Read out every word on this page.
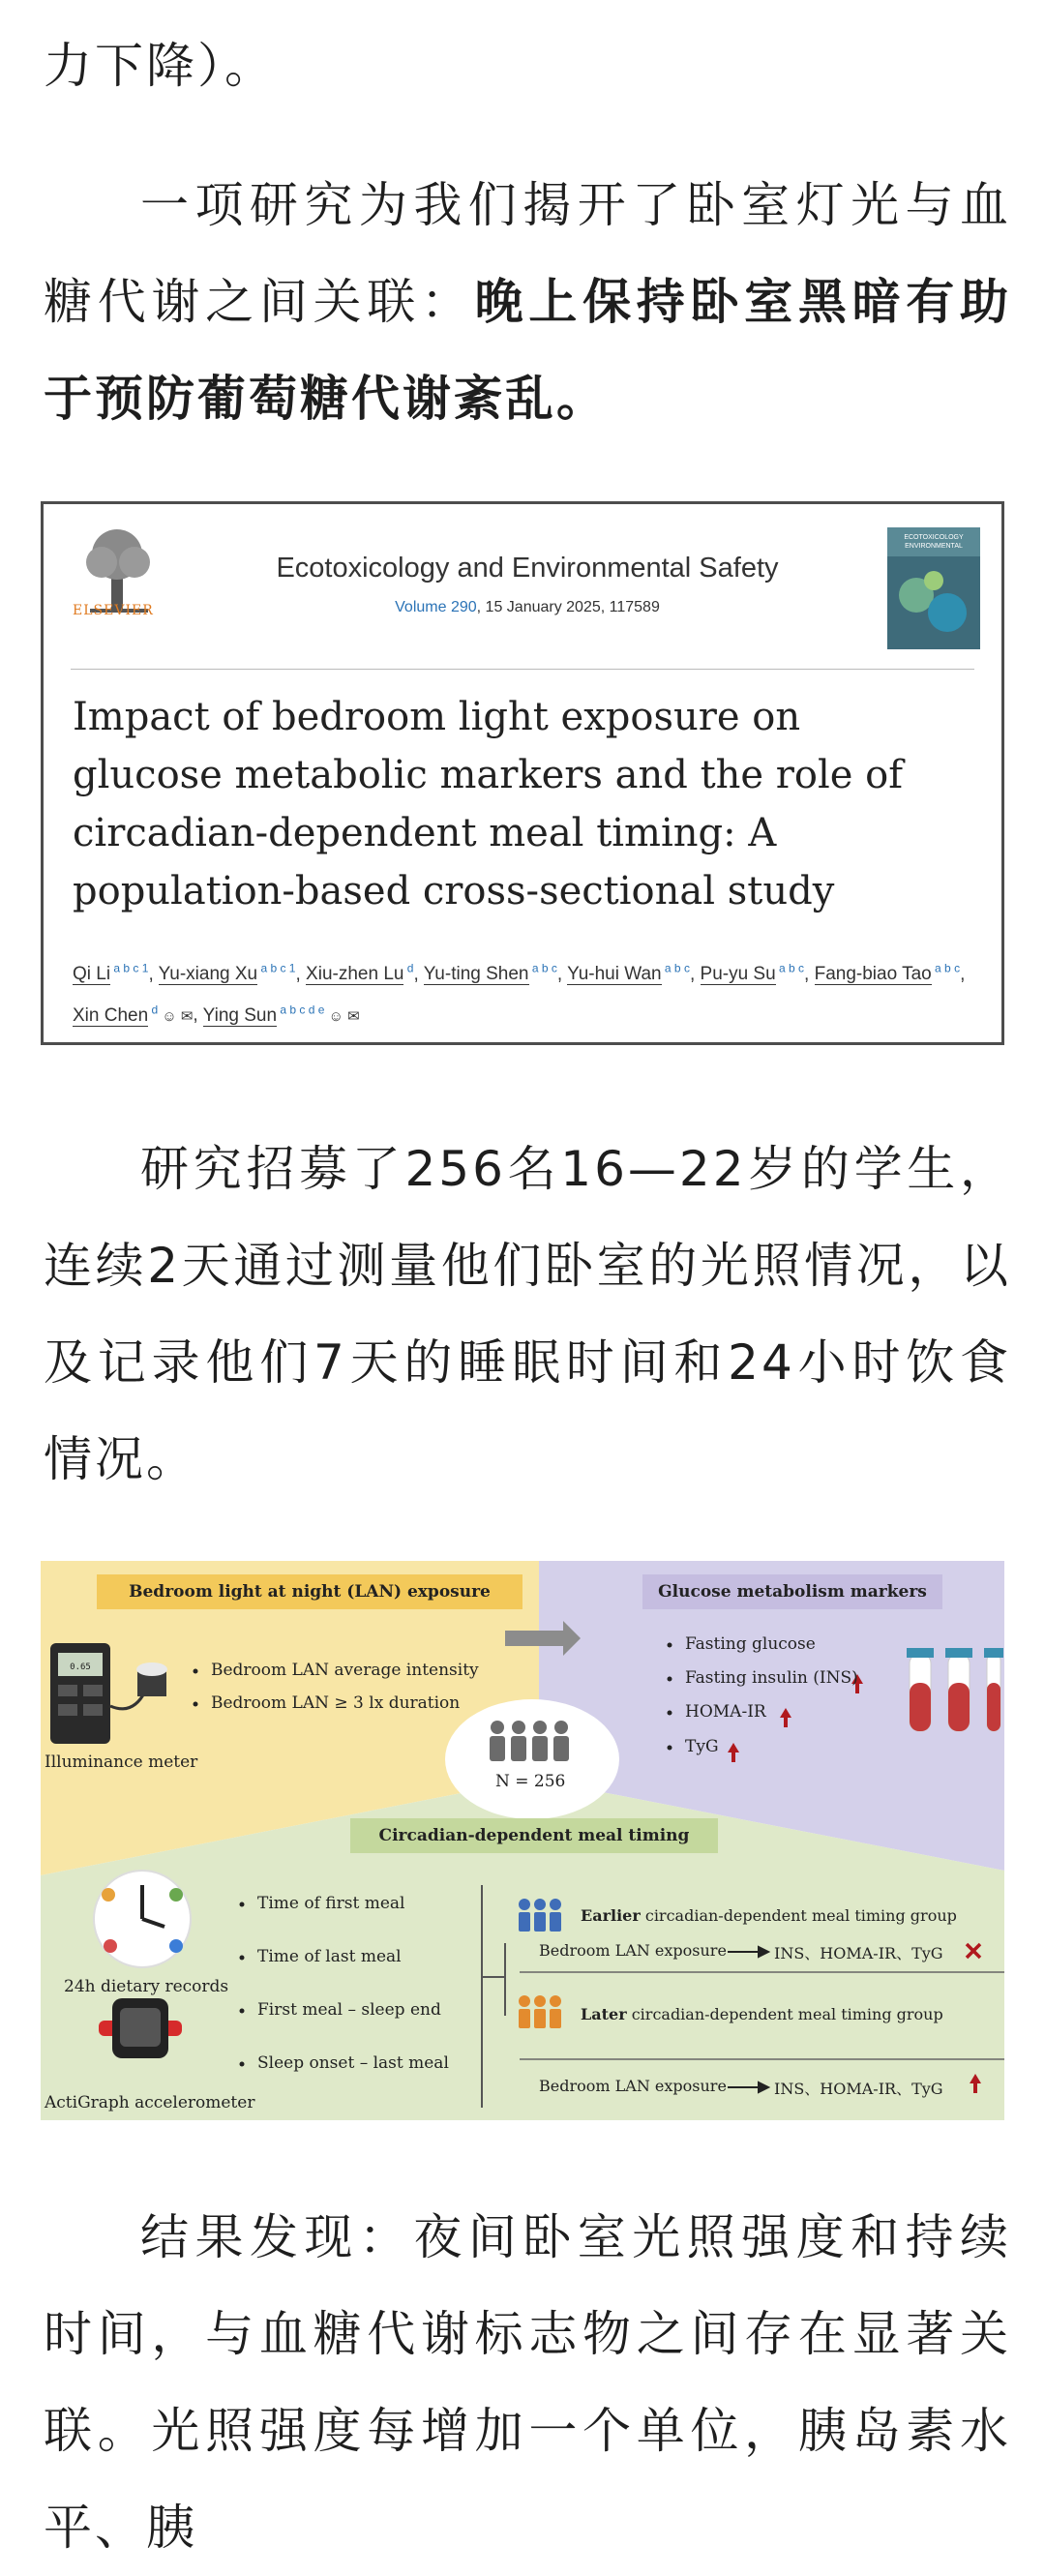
力下降）。

一项研究为我们揭开了卧室灯光与血糖代谢之间关联：晚上保持卧室黑暗有助于预防葡萄糖代谢紊乱。

ELSEVIER
Ecotoxicology and Environmental Safety
Volume 290, 15 January 2025, 117589
ECOTOXICOLOGY
ENVIRONMENTAL
Impact of bedroom light exposure on glucose metabolic markers and the role of circadian-dependent meal timing: A population-based cross-sectional study
Qi Li $^{a b c 1}$, Yu-xiang Xu $^{a b c 1}$, Xiu-zhen Lu $^d$, Yu-ting Shen $^{a b c}$, Yu-hui Wan $^{a b c}$, Pu-yu Su $^{a b c}$, Fang-biao Tao $^{a b c}$, Xin Chen $^d$ ☺ ✉, Ying Sun $^{a b c d e}$ ☺ ✉

研究招募了256名16—22岁的学生，连续2天通过测量他们卧室的光照情况，以及记录他们7天的睡眠时间和24小时饮食情况。

Bedroom light at night (LAN) exposure
Bedroom LAN average intensity
Bedroom LAN ≥ 3 lx duration
Illuminance meter
0.65
Glucose metabolism markers
Fasting glucose
Fasting insulin (INS)
HOMA-IR
TyG
N = 256
Circadian-dependent meal timing
Time of first meal
Time of last meal
First meal – sleep end
Sleep onset – last meal
24h dietary records
ActiGraph accelerometer
Earlier circadian-dependent meal timing group
Bedroom LAN exposure	INS、HOMA-IR、TyG
Later circadian-dependent meal timing group
Bedroom LAN exposure	INS、HOMA-IR、TyG

结果发现：夜间卧室光照强度和持续时间，与血糖代谢标志物之间存在显著关联。光照强度每增加一个单位，胰岛素水平、胰
